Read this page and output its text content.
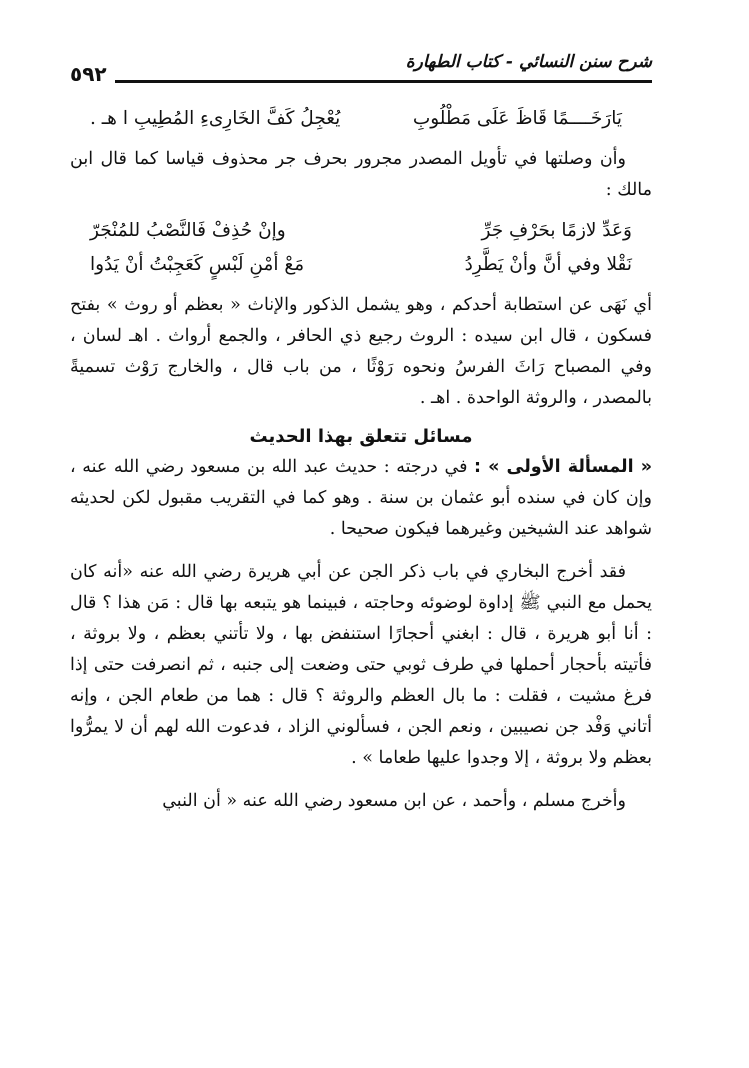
٥٩٢	شرح سنن النسائي - كتاب الطهارة
يَارَخَــــمًا قَاظَ عَلَى مَطْلُوبِ
يُعْجِلُ كَفَّ الخَارِىءِ المُطِيبِ ا هـ .

وأن وصلتها في تأويل المصدر مجرور بحرف جر محذوف قياسا كما قال ابن مالك :

وَعَدِّ لازمًا بحَرْفِ جَرِّ
وإنْ حُذِفْ فَالنَّصْبُ للمُنْجَرّ
نَقْلا وفي أنَّ وأنْ يَطَّرِدُ
مَعْ أمْنِ لَبْسٍ كَعَجِبْتُ أنْ يَدُوا

أي نَهَى عن استطابة أحدكم ، وهو يشمل الذكور والإناث « بعظم أو روث » بفتح فسكون ، قال ابن سيده : الروث رجيع ذي الحافر ، والجمع أرواث . اهـ لسان ، وفي المصباح رَاثَ الفرسُ ونحوه رَوْثًا ، من باب قال ، والخارج رَوْث تسميةً بالمصدر ، والروثة الواحدة . اهـ .

مسائل تتعلق بهذا الحديث

« المسألة الأولى » : في درجته : حديث عبد الله بن مسعود رضي الله عنه ، وإن كان في سنده أبو عثمان بن سنة . وهو كما في التقريب مقبول لكن لحديثه شواهد عند الشيخين وغيرهما فيكون صحيحا .

فقد أخرج البخاري في باب ذكر الجن عن أبي هريرة رضي الله عنه «أنه كان يحمل مع النبي ﷺ إداوة لوضوئه وحاجته ، فبينما هو يتبعه بها قال : مَن هذا ؟ قال : أنا أبو هريرة ، قال : ابغني أحجارًا استنفض بها ، ولا تأتني بعظم ، ولا بروثة ، فأتيته بأحجار أحملها في طرف ثوبي حتى وضعت إلى جنبه ، ثم انصرفت حتى إذا فرغ مشيت ، فقلت : ما بال العظم والروثة ؟ قال : هما من طعام الجن ، وإنه أتاني وَفْد جن نصيبين ، ونعم الجن ، فسألوني الزاد ، فدعوت الله لهم أن لا يمرُّوا بعظم ولا بروثة ، إلا وجدوا عليها طعاما » .

وأخرج مسلم ، وأحمد ، عن ابن مسعود رضي الله عنه « أن النبي
